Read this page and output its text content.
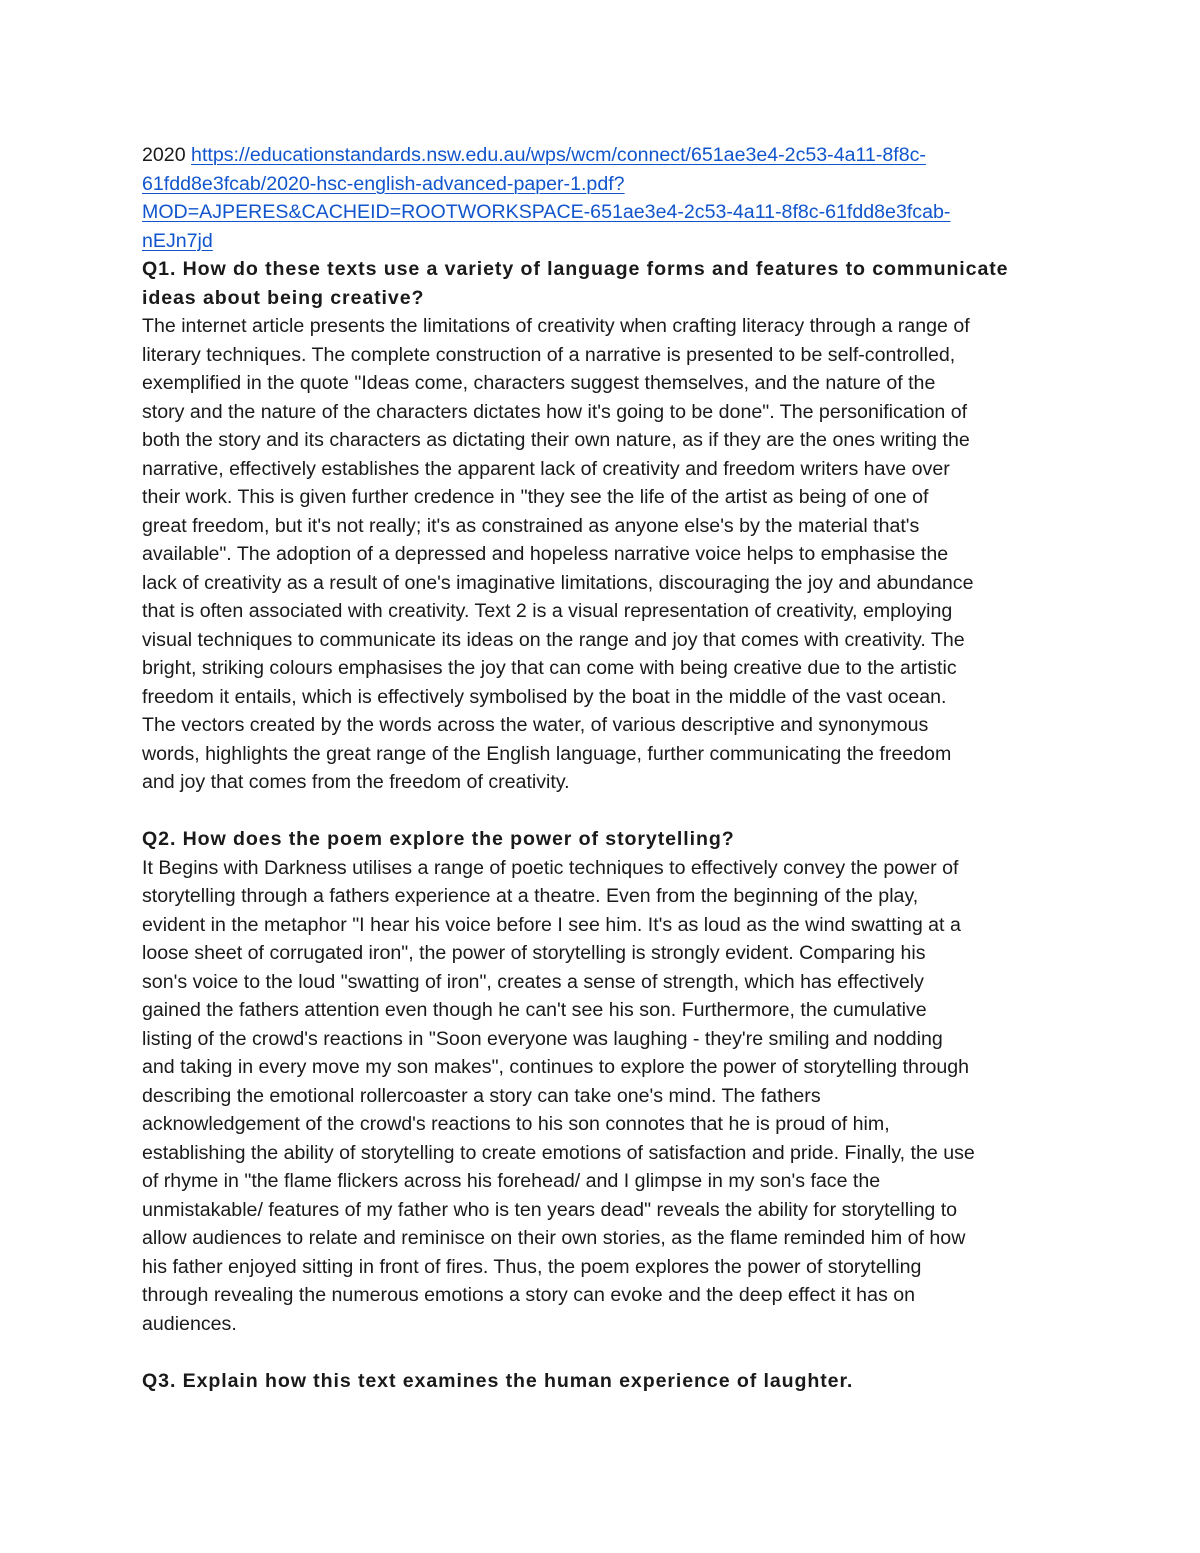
2020 https://educationstandards.nsw.edu.au/wps/wcm/connect/651ae3e4-2c53-4a11-8f8c-
61fdd8e3fcab/2020-hsc-english-advanced-paper-1.pdf?
MOD=AJPERES&CACHEID=ROOTWORKSPACE-651ae3e4-2c53-4a11-8f8c-61fdd8e3fcab-
nEJn7jd
Q1. How do these texts use a variety of language forms and features to communicate
ideas about being creative?
The internet article presents the limitations of creativity when crafting literacy through a range of
literary techniques. The complete construction of a narrative is presented to be self-controlled,
exemplified in the quote "Ideas come, characters suggest themselves, and the nature of the
story and the nature of the characters dictates how it's going to be done". The personification of
both the story and its characters as dictating their own nature, as if they are the ones writing the
narrative, effectively establishes the apparent lack of creativity and freedom writers have over
their work. This is given further credence in "they see the life of the artist as being of one of
great freedom, but it's not really; it's as constrained as anyone else's by the material that's
available". The adoption of a depressed and hopeless narrative voice helps to emphasise the
lack of creativity as a result of one's imaginative limitations, discouraging the joy and abundance
that is often associated with creativity. Text 2 is a visual representation of creativity, employing
visual techniques to communicate its ideas on the range and joy that comes with creativity. The
bright, striking colours emphasises the joy that can come with being creative due to the artistic
freedom it entails, which is effectively symbolised by the boat in the middle of the vast ocean.
The vectors created by the words across the water, of various descriptive and synonymous
words, highlights the great range of the English language, further communicating the freedom
and joy that comes from the freedom of creativity.
Q2. How does the poem explore the power of storytelling?
It Begins with Darkness utilises a range of poetic techniques to effectively convey the power of
storytelling through a fathers experience at a theatre. Even from the beginning of the play,
evident in the metaphor "I hear his voice before I see him. It's as loud as the wind swatting at a
loose sheet of corrugated iron", the power of storytelling is strongly evident. Comparing his
son's voice to the loud "swatting of iron", creates a sense of strength, which has effectively
gained the fathers attention even though he can't see his son. Furthermore, the cumulative
listing of the crowd's reactions in "Soon everyone was laughing - they're smiling and nodding
and taking in every move my son makes", continues to explore the power of storytelling through
describing the emotional rollercoaster a story can take one's mind. The fathers
acknowledgement of the crowd's reactions to his son connotes that he is proud of him,
establishing the ability of storytelling to create emotions of satisfaction and pride. Finally, the use
of rhyme in "the flame flickers across his forehead/ and I glimpse in my son's face the
unmistakable/ features of my father who is ten years dead" reveals the ability for storytelling to
allow audiences to relate and reminisce on their own stories, as the flame reminded him of how
his father enjoyed sitting in front of fires. Thus, the poem explores the power of storytelling
through revealing the numerous emotions a story can evoke and the deep effect it has on
audiences.
Q3. Explain how this text examines the human experience of laughter.
